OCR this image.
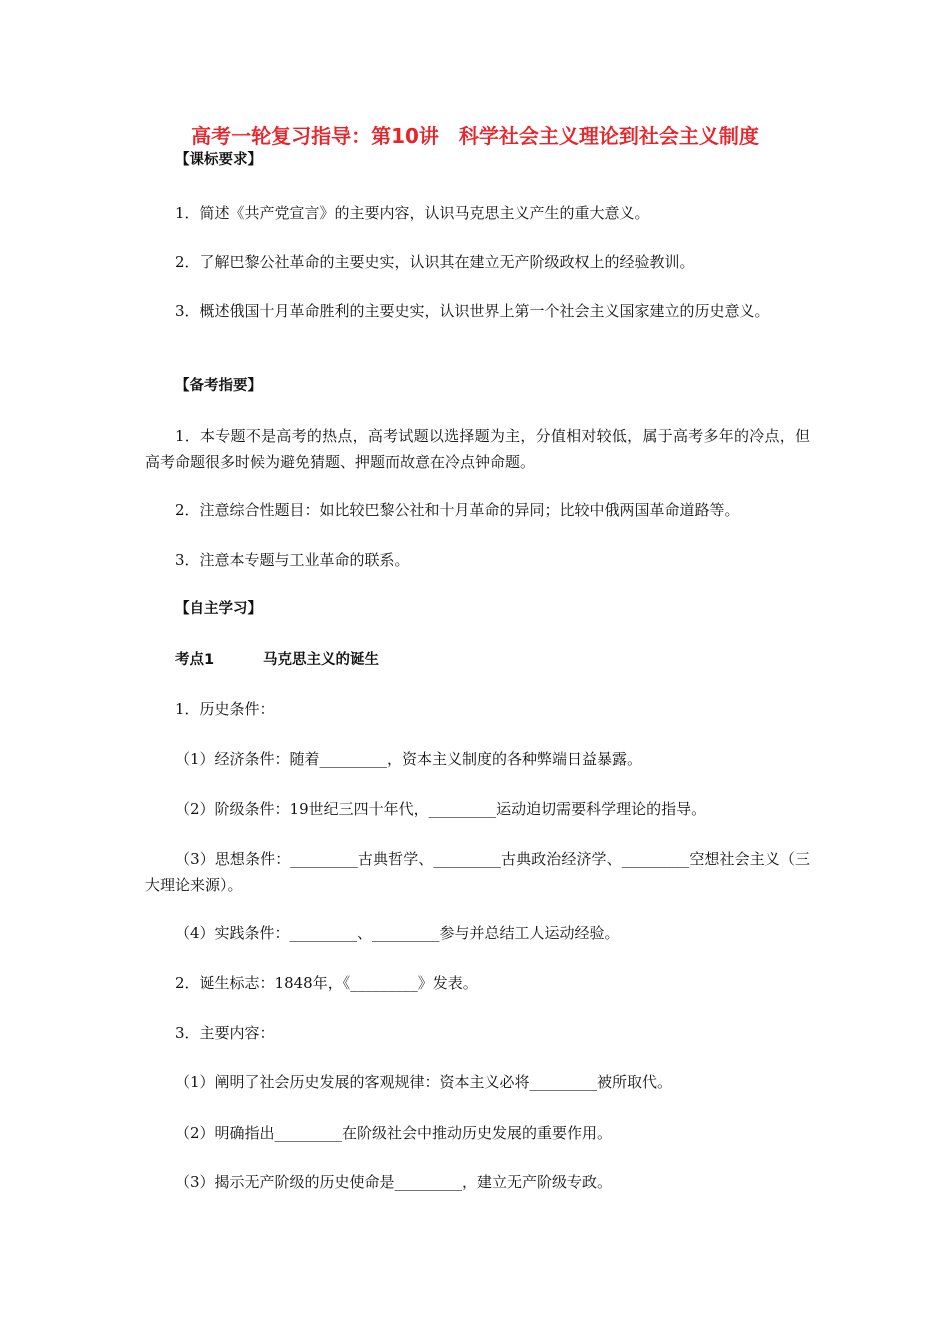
高考一轮复习指导：第10讲　科学社会主义理论到社会主义制度
【课标要求】
1．简述《共产党宣言》的主要内容，认识马克思主义产生的重大意义。
2．了解巴黎公社革命的主要史实，认识其在建立无产阶级政权上的经验教训。
3．概述俄国十月革命胜利的主要史实，认识世界上第一个社会主义国家建立的历史意义。
【备考指要】
1．本专题不是高考的热点，高考试题以选择题为主，分值相对较低，属于高考多年的冷点，但高考命题很多时候为避免猜题、押题而故意在冷点钟命题。
2．注意综合性题目：如比较巴黎公社和十月革命的异同；比较中俄两国革命道路等。
3．注意本专题与工业革命的联系。
【自主学习】
考点1	马克思主义的诞生
1．历史条件：
（1）经济条件：随着_________，资本主义制度的各种弊端日益暴露。
（2）阶级条件：19世纪三四十年代，_________运动迫切需要科学理论的指导。
（3）思想条件：_________古典哲学、_________古典政治经济学、_________空想社会主义（三大理论来源）。
（4）实践条件：_________、_________参与并总结工人运动经验。
2．诞生标志：1848年，《_________》发表。
3．主要内容：
（1）阐明了社会历史发展的客观规律：资本主义必将_________被所取代。
（2）明确指出_________在阶级社会中推动历史发展的重要作用。
（3）揭示无产阶级的历史使命是_________，建立无产阶级专政。
